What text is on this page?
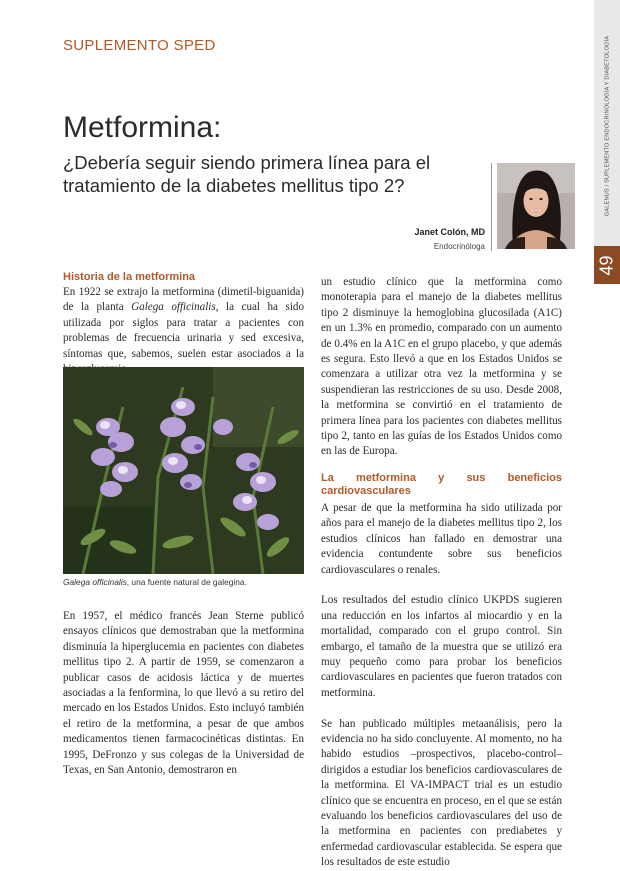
GALENUS / SUPLEMENTO ENDOCRINOLOGÍA Y DIABETOLOGÍA
49

SUPLEMENTO SPED

Metformina:
¿Debería seguir siendo primera línea para el tratamiento de la diabetes mellitus tipo 2?
Janet Colón, MD
Endocrinóloga
Historia de la metformina

En 1922 se extrajo la metformina (dimetil-biguanida) de la planta Galega officinalis, la cual ha sido utilizada por siglos para tratar a pacientes con problemas de frecuencia urinaria y sed excesiva, síntomas que, sabemos, suelen estar asociados a la

Galega officinalis, una fuente natural de galegina.

En 1957, el médico francés Jean Sterne publicó ensayos clínicos que demostraban que la metformina disminuía la hiperglucemia en pacientes con diabetes mellitus tipo 2. A partir de 1959, se comenzaron a publicar casos de acidosis láctica y de muertes asociadas a la fenformina, lo que llevó a su retiro del mercado en los Estados Unidos. Esto incluyó también el retiro de la metformina, a pesar de que ambos medicamentos tienen farmacocinéticas distintas. En 1995, DeFronzo y sus colegas de la Universidad de Texas, en San Antonio, demostraron en

un estudio clínico que la metformina como monoterapia para el manejo de la diabetes mellitus tipo 2 disminuye la hemoglobina glucosilada (A1C) en un 1.3% en promedio, comparado con un aumento de 0.4% en la A1C en el grupo placebo, y que además es segura. Esto llevó a que en los Estados Unidos se comenzara a utilizar otra vez la metformina y se suspendieran las restricciones de su uso. Desde 2008, la metformina se convirtió en el tratamiento de primera línea para los pacientes con diabetes mellitus tipo 2, tanto en las guías de los Estados Unidos como en las de Europa.

La metformina y sus beneficios cardiovasculares

A pesar de que la metformina ha sido utilizada por años para el manejo de la diabetes mellitus tipo 2, los estudios clínicos han fallado en demostrar una evidencia contundente sobre sus beneficios cardiovasculares o renales.

Los resultados del estudio clínico UKPDS sugieren una reducción en los infartos al miocardio y en la mortalidad, comparado con el grupo control. Sin embargo, el tamaño de la muestra que se utilizó era muy pequeño como para probar los beneficios cardiovasculares en pacientes que fueron tratados con metformina.

Se han publicado múltiples metaanálisis, pero la evidencia no ha sido concluyente. Al momento, no ha habido estudios –prospectivos, placebo-control– dirigidos a estudiar los beneficios cardiovasculares de la metformina. El VA-IMPACT trial es un estudio clínico que se encuentra en proceso, en el que se están evaluando los beneficios cardiovasculares del uso de la metformina en pacientes con prediabetes y enfermedad cardiovascular establecida. Se espera que los resultados de este estudio
